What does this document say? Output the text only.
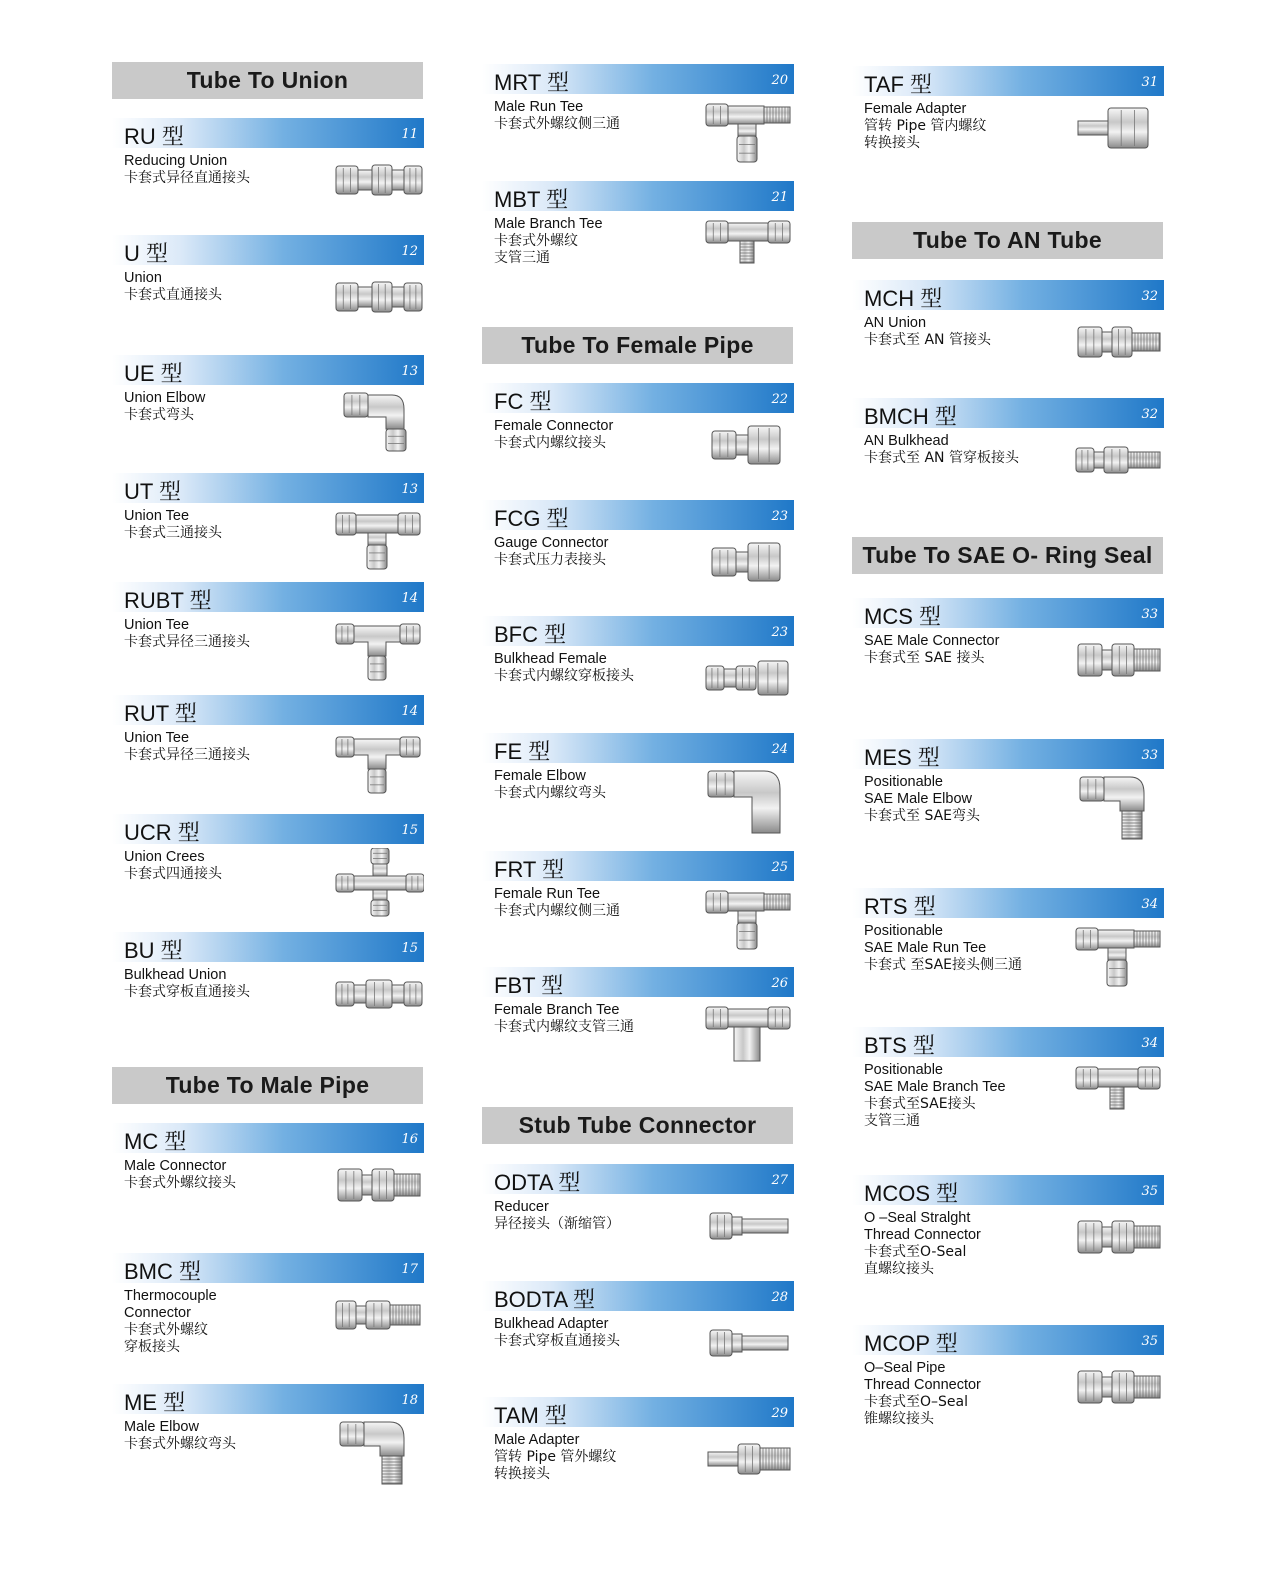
Tube To Union
Tube To Male Pipe
Tube To Female Pipe
Stub Tube Connector
Tube To AN Tube
Tube To SAE O- Ring Seal
RU 型	11
Reducing Union
卡套式异径直通接头
U 型	12
Union
卡套式直通接头
UE 型	13
Union Elbow
卡套式弯头
UT 型	13
Union Tee
卡套式三通接头
RUBT 型	14
Union Tee
卡套式异径三通接头
RUT 型	14
Union Tee
卡套式异径三通接头
UCR 型	15
Union Crees
卡套式四通接头
BU 型	15
Bulkhead Union
卡套式穿板直通接头
MC 型	16
Male Connector
卡套式外螺纹接头
BMC 型	17
Thermocouple
Connector
卡套式外螺纹
穿板接头
ME 型	18
Male Elbow
卡套式外螺纹弯头
MRT 型	20
Male Run Tee
卡套式外螺纹侧三通
MBT 型	21
Male Branch Tee
卡套式外螺纹
支管三通
FC 型	22
Female Connector
卡套式内螺纹接头
FCG 型	23
Gauge Connector
卡套式压力表接头
BFC 型	23
Bulkhead Female
卡套式内螺纹穿板接头
FE 型	24
Female Elbow
卡套式内螺纹弯头
FRT 型	25
Female Run Tee
卡套式内螺纹侧三通
FBT 型	26
Female Branch Tee
卡套式内螺纹支管三通
ODTA 型	27
Reducer
异径接头（渐缩管）
BODTA 型	28
Bulkhead Adapter
卡套式穿板直通接头
TAM 型	29
Male Adapter
管转 Pipe 管外螺纹
转换接头
TAF 型	31
Female Adapter
管转 Pipe 管内螺纹
转换接头
MCH 型	32
AN Union
卡套式至 AN 管接头
BMCH 型	32
AN Bulkhead
卡套式至 AN 管穿板接头
MCS 型	33
SAE Male Connector
卡套式至 SAE 接头
MES 型	33
Positionable
SAE Male Elbow
卡套式至 SAE弯头
RTS 型	34
Positionable
SAE Male Run Tee
卡套式 至SAE接头侧三通
BTS 型	34
Positionable
SAE Male Branch Tee
卡套式至SAE接头
支管三通
MCOS 型	35
O –Seal Stralght
Thread Connector
卡套式至O-Seal
直螺纹接头
MCOP 型	35
O–Seal Pipe
Thread Connector
卡套式至O–Seal
锥螺纹接头
